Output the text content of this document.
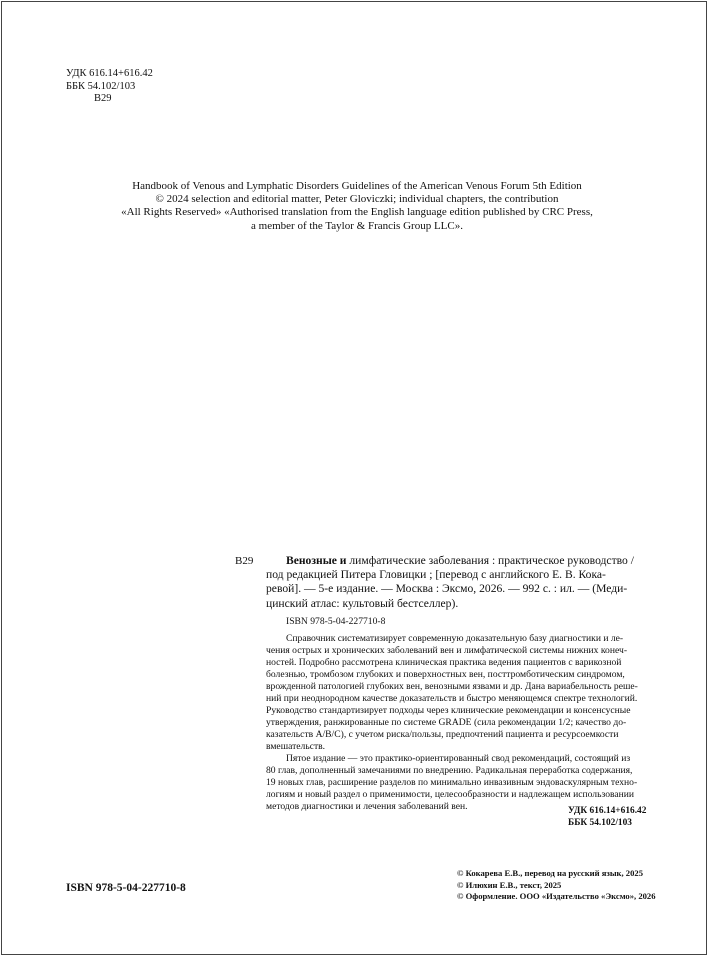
УДК 616.14+616.42
ББК 54.102/103
В29
Handbook of Venous and Lymphatic Disorders Guidelines of the American Venous Forum 5th Edition
© 2024 selection and editorial matter, Peter Gloviczki; individual chapters, the contribution
«All Rights Reserved» «Authorised translation from the English language edition published by CRC Press,
a member of the Taylor & Francis Group LLC».
В29	Венозные и лимфатические заболевания : практическое руководство /
под редакцией Питера Гловицки ; [перевод с английского Е. В. Кока-
ревой]. — 5-е издание. — Москва : Эксмо, 2026. — 992 с. : ил. — (Меди-
цинский атлас: культовый бестселлер).
ISBN 978-5-04-227710-8
Справочник систематизирует современную доказательную базу диагностики и ле-
чения острых и хронических заболеваний вен и лимфатической системы нижних конеч-
ностей. Подробно рассмотрена клиническая практика ведения пациентов с варикозной
болезнью, тромбозом глубоких и поверхностных вен, посттромботическим синдромом,
врожденной патологией глубоких вен, венозными язвами и др. Дана вариабельность реше-
ний при неоднородном качестве доказательств и быстро меняющемся спектре технологий.
Руководство стандартизирует подходы через клинические рекомендации и консенсусные
утверждения, ранжированные по системе GRADE (сила рекомендации 1/2; качество до-
казательств A/B/C), с учетом риска/пользы, предпочтений пациента и ресурсоемкости
вмешательств.
Пятое издание — это практико-ориентированный свод рекомендаций, состоящий из
80 глав, дополненный замечаниями по внедрению. Радикальная переработка содержания,
19 новых глав, расширение разделов по минимально инвазивным эндоваскулярным техно-
логиям и новый раздел о применимости, целесообразности и надлежащем использовании
методов диагностики и лечения заболеваний вен.	УДК 616.14+616.42
ББК 54.102/103
ISBN 978-5-04-227710-8
© Кокарева Е.В., перевод на русский язык, 2025
© Илюхин Е.В., текст, 2025
© Оформление. ООО «Издательство «Эксмо», 2026
